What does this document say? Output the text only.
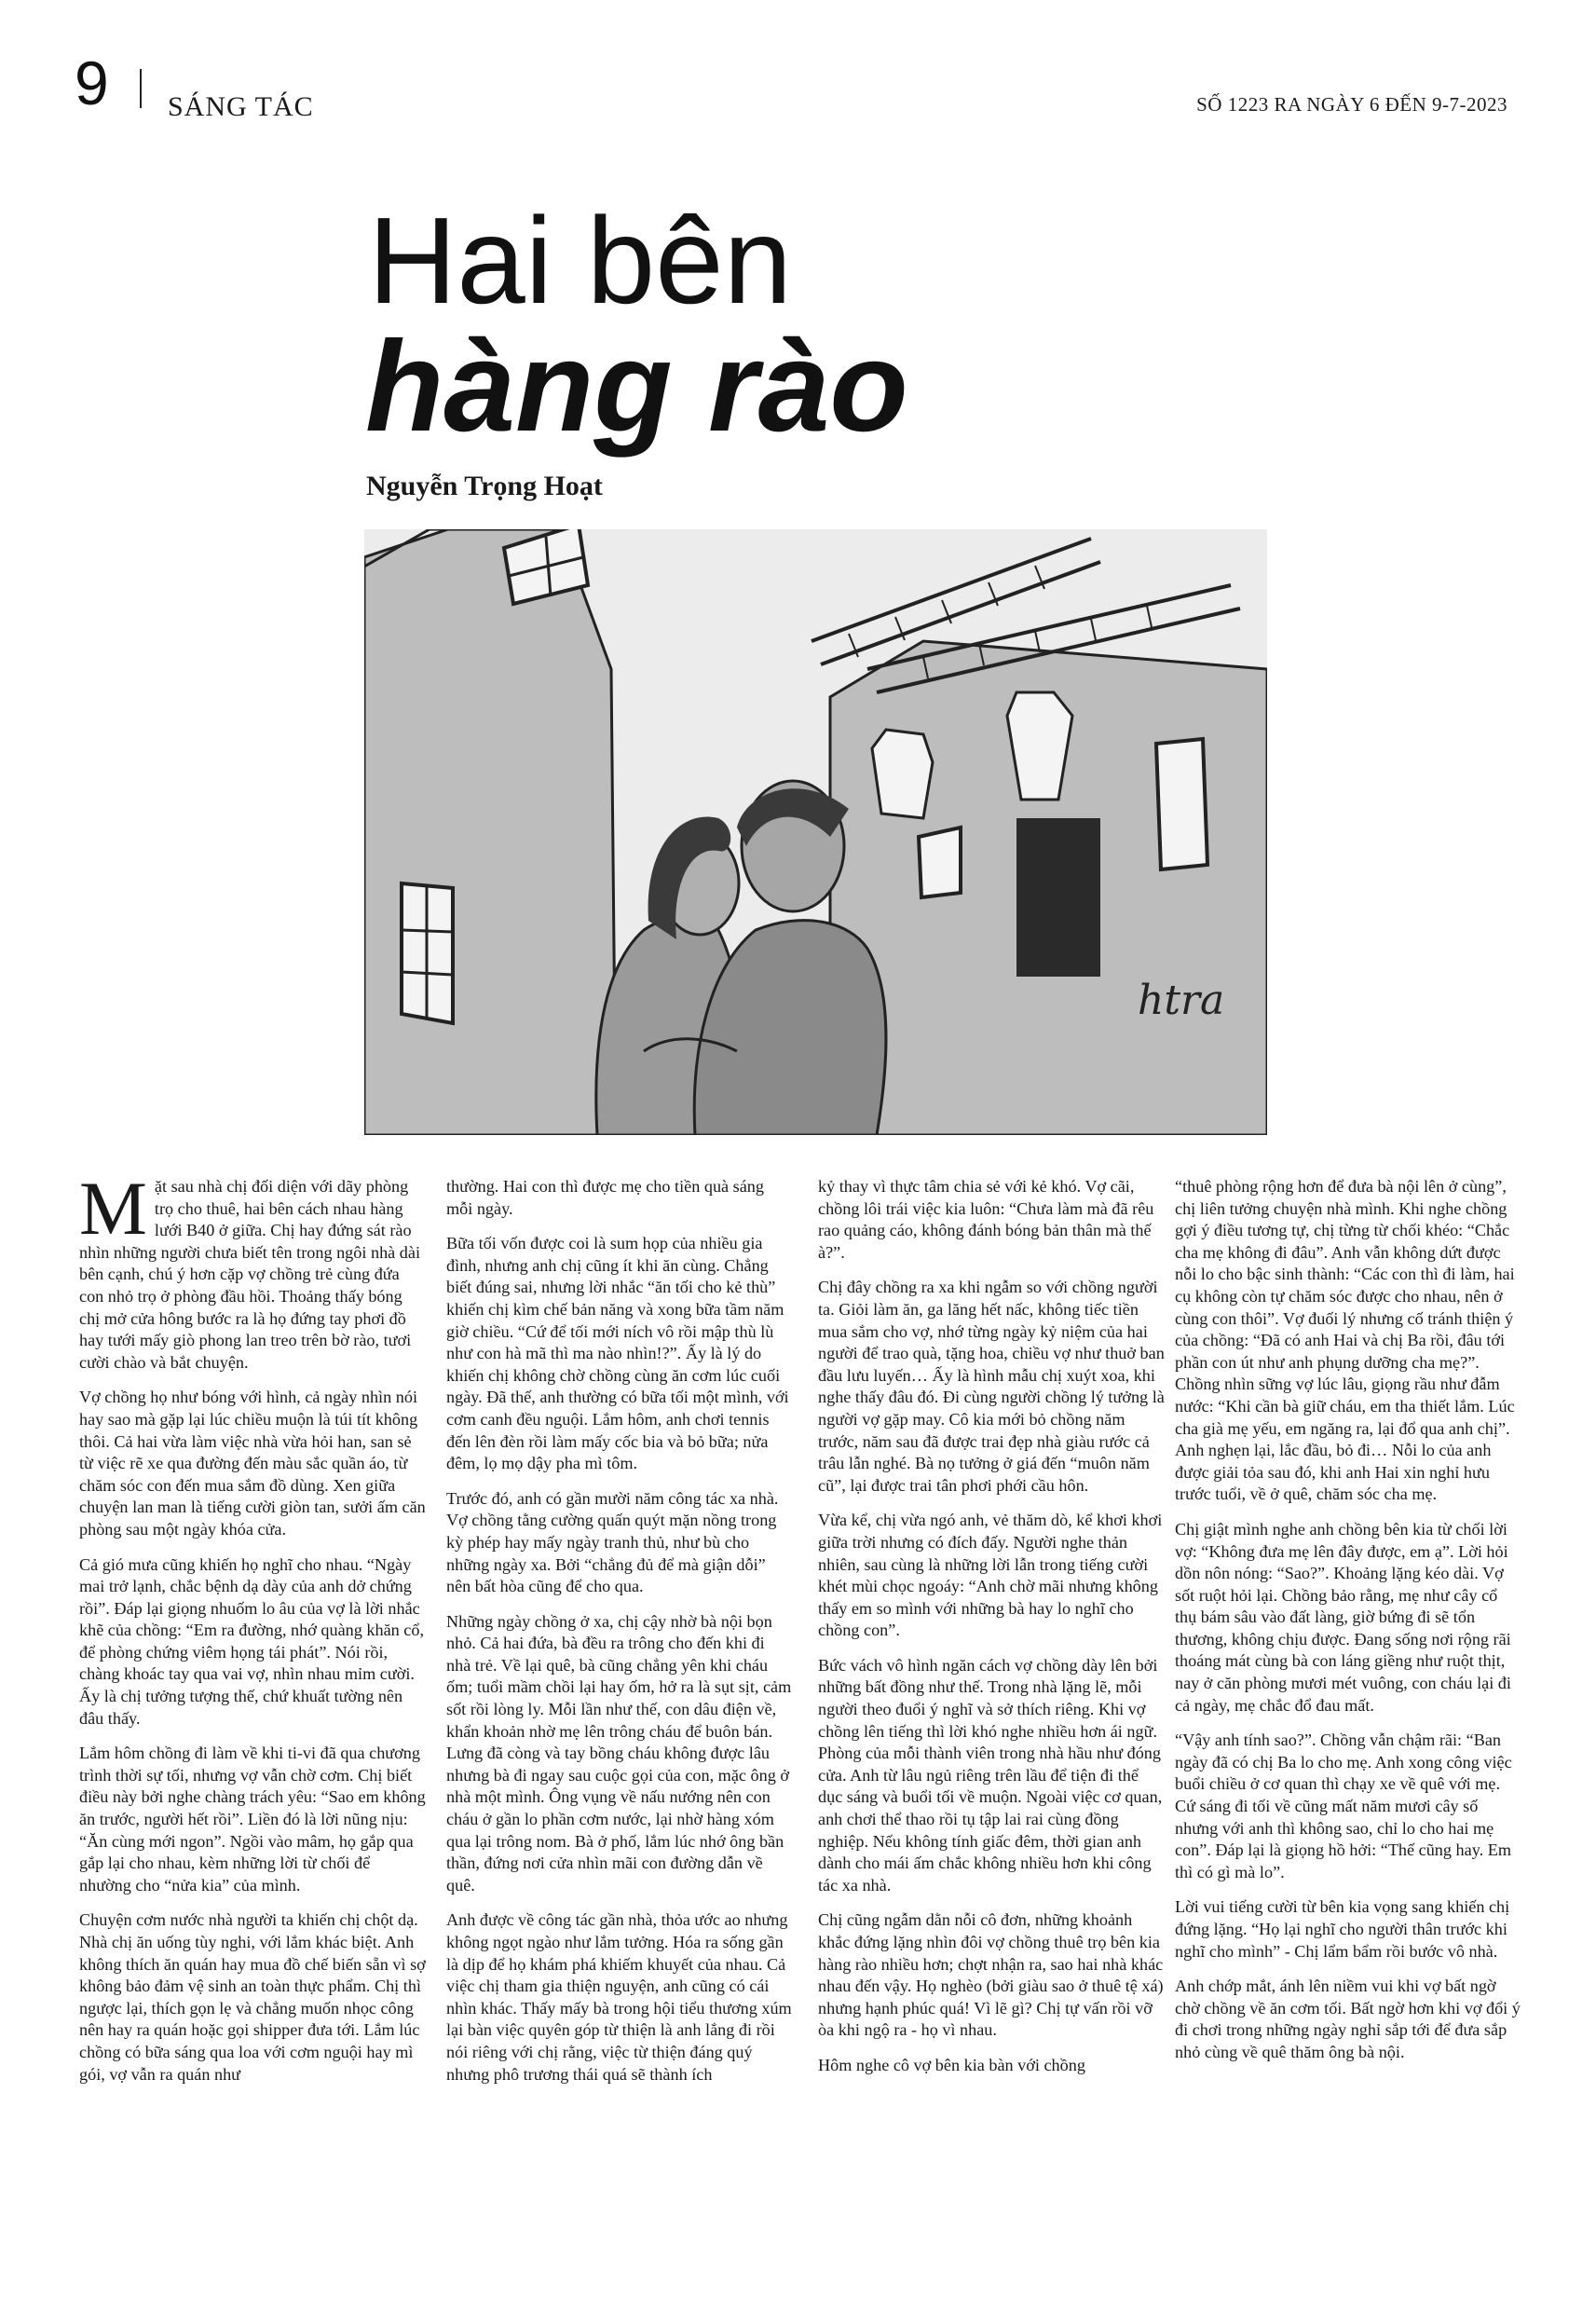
9 SÁNG TÁC	SỐ 1223 RA NGÀY 6 ĐẾN 9-7-2023
Hai bên
hàng rào
Nguyễn Trọng Hoạt
htra

Mặt sau nhà chị đối diện với dãy phòng trọ cho thuê, hai bên cách nhau hàng lưới B40 ở giữa. Chị hay đứng sát rào nhìn những người chưa biết tên trong ngôi nhà dài bên cạnh, chú ý hơn cặp vợ chồng trẻ cùng đứa con nhỏ trọ ở phòng đầu hồi. Thoảng thấy bóng chị mở cửa hông bước ra là họ đứng tay phơi đồ hay tưới mấy giò phong lan treo trên bờ rào, tươi cười chào và bắt chuyện.

Vợ chồng họ như bóng với hình, cả ngày nhìn nói hay sao mà gặp lại lúc chiều muộn là túi tít không thôi. Cả hai vừa làm việc nhà vừa hỏi han, san sẻ từ việc rẽ xe qua đường đến màu sắc quần áo, từ chăm sóc con đến mua sắm đồ dùng. Xen giữa chuyện lan man là tiếng cười giòn tan, sưởi ấm căn phòng sau một ngày khóa cửa.

Cả gió mưa cũng khiến họ nghĩ cho nhau. “Ngày mai trở lạnh, chắc bệnh dạ dày của anh dở chứng rồi”. Đáp lại giọng nhuốm lo âu của vợ là lời nhắc khẽ của chồng: “Em ra đường, nhớ quàng khăn cổ, để phòng chứng viêm họng tái phát”. Nói rồi, chàng khoác tay qua vai vợ, nhìn nhau mỉm cười. Ấy là chị tưởng tượng thế, chứ khuất tường nên đâu thấy.

Lắm hôm chồng đi làm về khi ti-vi đã qua chương trình thời sự tối, nhưng vợ vẫn chờ cơm. Chị biết điều này bởi nghe chàng trách yêu: “Sao em không ăn trước, người hết rồi”. Liền đó là lời nũng nịu: “Ăn cùng mới ngon”. Ngồi vào mâm, họ gắp qua gắp lại cho nhau, kèm những lời từ chối để nhường cho “nửa kia” của mình.

Chuyện cơm nước nhà người ta khiến chị chột dạ. Nhà chị ăn uống tùy nghi, với lắm khác biệt. Anh không thích ăn quán hay mua đồ chế biến sẵn vì sợ không bảo đảm vệ sinh an toàn thực phẩm. Chị thì ngược lại, thích gọn lẹ và chẳng muốn nhọc công nên hay ra quán hoặc gọi shipper đưa tới. Lắm lúc chồng có bữa sáng qua loa với cơm nguội hay mì gói, vợ vẫn ra quán như

thường. Hai con thì được mẹ cho tiền quà sáng mỗi ngày.

Bữa tối vốn được coi là sum họp của nhiều gia đình, nhưng anh chị cũng ít khi ăn cùng. Chẳng biết đúng sai, nhưng lời nhắc “ăn tối cho kẻ thù” khiến chị kìm chế bản năng và xong bữa tầm năm giờ chiều. “Cứ để tối mới ních vô rồi mập thù lù như con hà mã thì ma nào nhìn!?”. Ấy là lý do khiến chị không chờ chồng cùng ăn cơm lúc cuối ngày. Đã thế, anh thường có bữa tối một mình, với cơm canh đều nguội. Lắm hôm, anh chơi tennis đến lên đèn rồi làm mấy cốc bia và bỏ bữa; nửa đêm, lọ mọ dậy pha mì tôm.

Trước đó, anh có gần mười năm công tác xa nhà. Vợ chồng tằng cường quấn quýt mặn nồng trong kỳ phép hay mấy ngày tranh thủ, như bù cho những ngày xa. Bởi “chẳng đủ để mà giận dỗi” nên bất hòa cũng để cho qua.

Những ngày chồng ở xa, chị cậy nhờ bà nội bọn nhỏ. Cả hai đứa, bà đều ra trông cho đến khi đi nhà trẻ. Về lại quê, bà cũng chẳng yên khi cháu ốm; tuổi mầm chồi lại hay ốm, hở ra là sụt sịt, cảm sốt rồi lòng ly. Mỗi lần như thế, con dâu điện về, khẩn khoản nhờ mẹ lên trông cháu để buôn bán. Lưng đã còng và tay bồng cháu không được lâu nhưng bà đi ngay sau cuộc gọi của con, mặc ông ở nhà một mình. Ông vụng về nấu nướng nên con cháu ở gần lo phần cơm nước, lại nhờ hàng xóm qua lại trông nom. Bà ở phố, lắm lúc nhớ ông bần thần, đứng nơi cửa nhìn mãi con đường dẫn về quê.

Anh được về công tác gần nhà, thỏa ước ao nhưng không ngọt ngào như lắm tưởng. Hóa ra sống gần là dịp để họ khám phá khiếm khuyết của nhau. Cả việc chị tham gia thiện nguyện, anh cũng có cái nhìn khác. Thấy mấy bà trong hội tiểu thương xúm lại bàn việc quyên góp từ thiện là anh lắng đi rồi nói riêng với chị rằng, việc từ thiện đáng quý nhưng phô trương thái quá sẽ thành ích

kỷ thay vì thực tâm chia sẻ với kẻ khó. Vợ cãi, chồng lôi trái việc kia luôn: “Chưa làm mà đã rêu rao quảng cáo, không đánh bóng bản thân mà thế à?”.

Chị đây chồng ra xa khi ngẫm so với chồng người ta. Giỏi làm ăn, ga lăng hết nấc, không tiếc tiền mua sắm cho vợ, nhớ từng ngày kỷ niệm của hai người để trao quà, tặng hoa, chiều vợ như thuở ban đầu lưu luyến… Ấy là hình mẫu chị xuýt xoa, khi nghe thấy đâu đó. Đi cùng người chồng lý tưởng là người vợ gặp may. Cô kia mới bỏ chồng năm trước, năm sau đã được trai đẹp nhà giàu rước cả trâu lẫn nghé. Bà nọ tưởng ở giá đến “muôn năm cũ”, lại được trai tân phơi phới cầu hôn.

Vừa kể, chị vừa ngó anh, vẻ thăm dò, kể khơi khơi giữa trời nhưng có đích đấy. Người nghe thản nhiên, sau cùng là những lời lẫn trong tiếng cười khét mùi chọc ngoáy: “Anh chờ mãi nhưng không thấy em so mình với những bà hay lo nghĩ cho chồng con”.

Bức vách vô hình ngăn cách vợ chồng dày lên bởi những bất đồng như thế. Trong nhà lặng lẽ, mỗi người theo đuổi ý nghĩ và sở thích riêng. Khi vợ chồng lên tiếng thì lời khó nghe nhiều hơn ái ngữ. Phòng của mỗi thành viên trong nhà hầu như đóng cửa. Anh từ lâu ngủ riêng trên lầu để tiện đi thể dục sáng và buổi tối về muộn. Ngoài việc cơ quan, anh chơi thể thao rồi tụ tập lai rai cùng đồng nghiệp. Nếu không tính giấc đêm, thời gian anh dành cho mái ấm chắc không nhiều hơn khi công tác xa nhà.

Chị cũng ngẫm dằn nỗi cô đơn, những khoảnh khắc đứng lặng nhìn đôi vợ chồng thuê trọ bên kia hàng rào nhiều hơn; chợt nhận ra, sao hai nhà khác nhau đến vậy. Họ nghèo (bởi giàu sao ở thuê tệ xá) nhưng hạnh phúc quá! Vì lẽ gì? Chị tự vấn rồi vỡ òa khi ngộ ra - họ vì nhau.

Hôm nghe cô vợ bên kia bàn với chồng

“thuê phòng rộng hơn để đưa bà nội lên ở cùng”, chị liên tưởng chuyện nhà mình. Khi nghe chồng gợi ý điều tương tự, chị từng từ chối khéo: “Chắc cha mẹ không đi đâu”. Anh vẫn không dứt được nỗi lo cho bậc sinh thành: “Các con thì đi làm, hai cụ không còn tự chăm sóc được cho nhau, nên ở cùng con thôi”. Vợ đuối lý nhưng cố tránh thiện ý của chồng: “Đã có anh Hai và chị Ba rồi, đâu tới phần con út như anh phụng dưỡng cha mẹ?”. Chồng nhìn sững vợ lúc lâu, giọng rầu như đẫm nước: “Khi cần bà giữ cháu, em tha thiết lắm. Lúc cha già mẹ yếu, em ngăng ra, lại đổ qua anh chị”. Anh nghẹn lại, lắc đầu, bỏ đi… Nỗi lo của anh được giải tỏa sau đó, khi anh Hai xin nghỉ hưu trước tuổi, về ở quê, chăm sóc cha mẹ.

Chị giật mình nghe anh chồng bên kia từ chối lời vợ: “Không đưa mẹ lên đây được, em ạ”. Lời hỏi dồn nôn nóng: “Sao?”. Khoảng lặng kéo dài. Vợ sốt ruột hỏi lại. Chồng bảo rằng, mẹ như cây cổ thụ bám sâu vào đất làng, giờ bứng đi sẽ tổn thương, không chịu được. Đang sống nơi rộng rãi thoáng mát cùng bà con láng giềng như ruột thịt, nay ở căn phòng mươi mét vuông, con cháu lại đi cả ngày, mẹ chắc đổ đau mất.

“Vậy anh tính sao?”. Chồng vẫn chậm rãi: “Ban ngày đã có chị Ba lo cho mẹ. Anh xong công việc buổi chiều ở cơ quan thì chạy xe về quê với mẹ. Cứ sáng đi tối về cũng mất năm mươi cây số nhưng với anh thì không sao, chỉ lo cho hai mẹ con”. Đáp lại là giọng hồ hởi: “Thế cũng hay. Em thì có gì mà lo”.

Lời vui tiếng cười từ bên kia vọng sang khiến chị đứng lặng. “Họ lại nghĩ cho người thân trước khi nghĩ cho mình” - Chị lẩm bẩm rồi bước vô nhà.

Anh chớp mắt, ánh lên niềm vui khi vợ bất ngờ chờ chồng về ăn cơm tối. Bất ngờ hơn khi vợ đổi ý đi chơi trong những ngày nghỉ sắp tới để đưa sắp nhỏ cùng về quê thăm ông bà nội.
